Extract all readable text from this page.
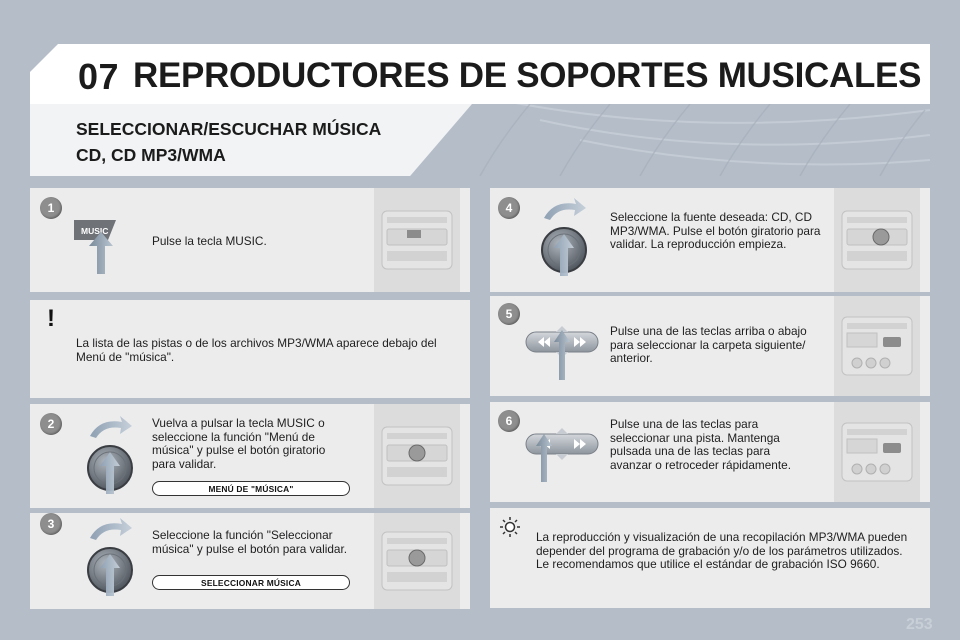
07 REPRODUCTORES DE SOPORTES MUSICALES
SELECCIONAR/ESCUCHAR MÚSICA
CD, CD MP3/WMA
1
MUSIC
Pulse la tecla MUSIC.
!
La lista de las pistas o de los archivos MP3/WMA aparece debajo del Menú de "música".
2	Vuelva a pulsar la tecla MUSIC o seleccione la función "Menú de música" y pulse el botón giratorio para validar.
MENÚ DE "MÚSICA"
3
Seleccione la función "Seleccionar música" y pulse el botón para validar.
SELECCIONAR MÚSICA
4
Seleccione la fuente deseada: CD, CD MP3/WMA. Pulse el botón giratorio para validar. La reproducción empieza.
5
Pulse una de las teclas arriba o abajo para seleccionar la carpeta siguiente/ anterior.
6	Pulse una de las teclas para seleccionar una pista. Mantenga pulsada una de las teclas para avanzar o retroceder rápidamente.
La reproducción y visualización de una recopilación MP3/WMA pueden depender del programa de grabación y/o de los parámetros utilizados. Le recomendamos que utilice el estándar de grabación ISO 9660.
253
